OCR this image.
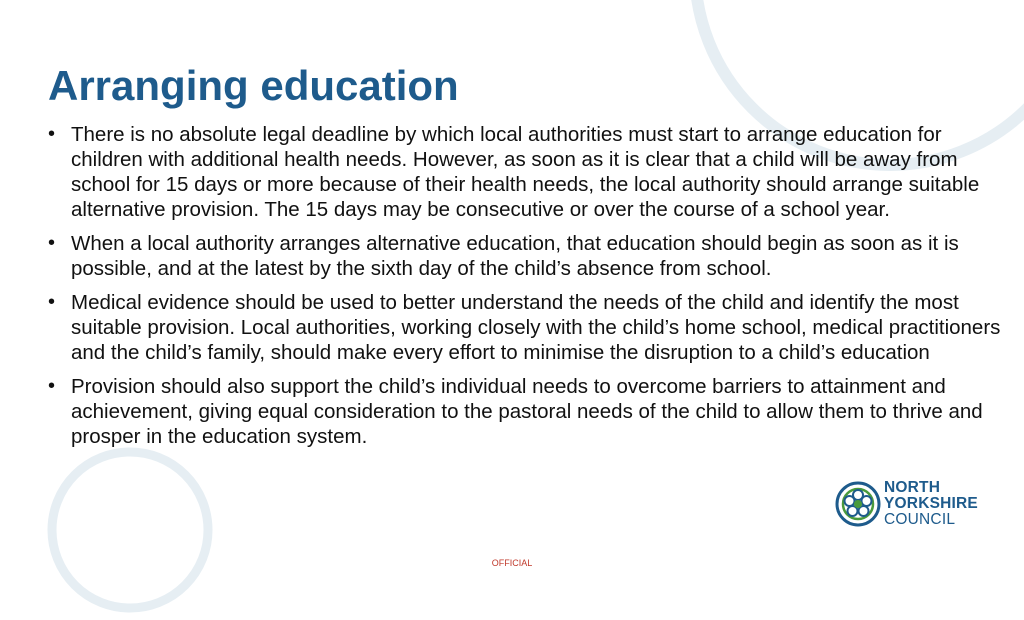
Arranging education
• There is no absolute legal deadline by which local authorities must start to arrange education for children with additional health needs. However, as soon as it is clear that a child will be away from school for 15 days or more because of their health needs, the local authority should arrange suitable alternative provision. The 15 days may be consecutive or over the course of a school year.
• When a local authority arranges alternative education, that education should begin as soon as it is possible, and at the latest by the sixth day of the child’s absence from school.
• Medical evidence should be used to better understand the needs of the child and identify the most suitable provision. Local authorities, working closely with the child’s home school, medical practitioners and the child’s family, should make every effort to minimise the disruption to a child’s education
• Provision should also support the child’s individual needs to overcome barriers to attainment and achievement, giving equal consideration to the pastoral needs of the child to allow them to thrive and prosper in the education system.
NORTH
YORKSHIRE
COUNCIL
OFFICIAL
